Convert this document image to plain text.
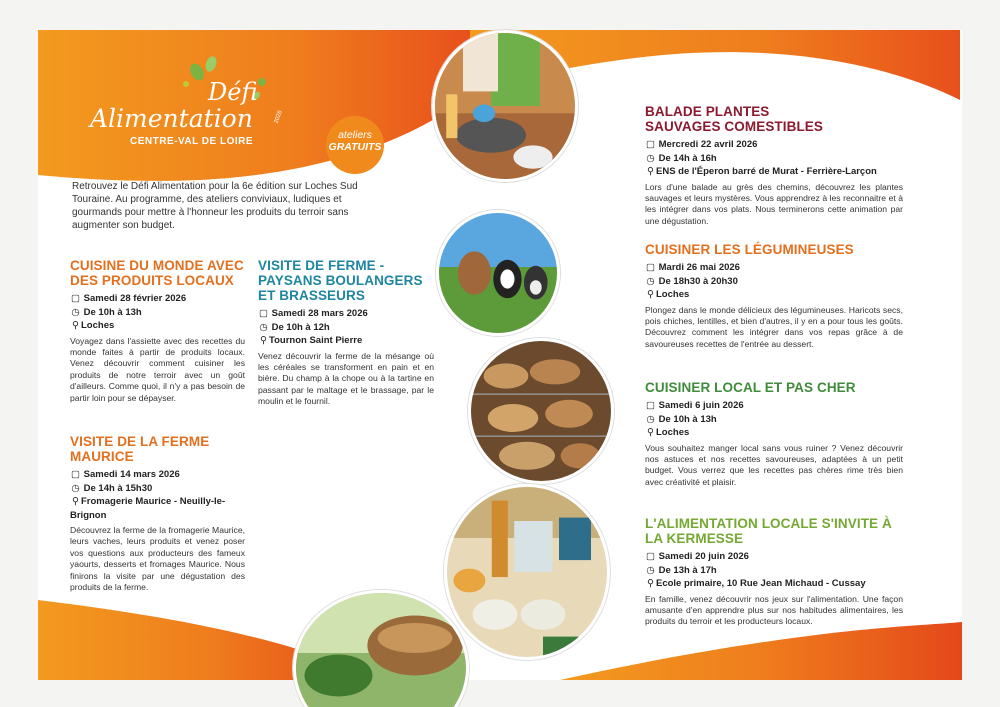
Défi
Alimentation	2026
CENTRE-VAL DE LOIRE
ateliers
GRATUITS
Retrouvez le Défi Alimentation pour la 6e édition sur Loches Sud Touraine. Au programme, des ateliers conviviaux, ludiques et gourmands pour mettre à l'honneur les produits du terroir sans augmenter son budget.
CUISINE DU MONDE AVEC DES PRODUITS LOCAUX
▢ Samedi 28 février 2026
◷ De 10h à 13h
⚲ Loches
Voyagez dans l'assiette avec des recettes du monde faites à partir de produits locaux. Venez découvrir comment cuisiner les produits de notre terroir avec un goût d'ailleurs. Comme quoi, il n'y a pas besoin de partir loin pour se dépayser.
VISITE DE LA FERME MAURICE
▢ Samedi 14 mars 2026
◷ De 14h à 15h30
⚲ Fromagerie Maurice - Neuilly-le-Brignon
Découvrez la ferme de la fromagerie Maurice, leurs vaches, leurs produits et venez poser vos questions aux producteurs des fameux yaourts, desserts et fromages Maurice. Nous finirons la visite par une dégustation des produits de la ferme.
VISITE DE FERME - PAYSANS BOULANGERS ET BRASSEURS
▢ Samedi 28 mars 2026
◷ De 10h à 12h
⚲ Tournon Saint Pierre
Venez découvrir la ferme de la mésange où les céréales se transforment en pain et en bière. Du champ à la chope ou à la tartine en passant par le maltage et le brassage, par le moulin et le fournil.
BALADE PLANTES SAUVAGES COMESTIBLES
▢ Mercredi 22 avril 2026
◷ De 14h à 16h
⚲ ENS de l'Éperon barré de Murat - Ferrière-Larçon
Lors d'une balade au grès des chemins, découvrez les plantes sauvages et leurs mystères. Vous apprendrez à les reconnaitre et à les intégrer dans vos plats. Nous terminerons cette animation par une dégustation.
CUISINER LES LÉGUMINEUSES
▢ Mardi 26 mai 2026
◷ De 18h30 à 20h30
⚲ Loches
Plongez dans le monde délicieux des légumineuses. Haricots secs, pois chiches, lentilles, et bien d'autres, il y en a pour tous les goûts. Découvrez comment les intégrer dans vos repas grâce à de savoureuses recettes de l'entrée au dessert.
CUISINER LOCAL ET PAS CHER
▢ Samedi 6 juin 2026
◷ De 10h à 13h
⚲ Loches
Vous souhaitez manger local sans vous ruiner ? Venez découvrir nos astuces et nos recettes savoureuses, adaptées à un petit budget. Vous verrez que les recettes pas chères rime très bien avec créativité et plaisir.
L'ALIMENTATION LOCALE S'INVITE À LA KERMESSE
▢ Samedi 20 juin 2026
◷ De 13h à 17h
⚲ Ecole primaire, 10 Rue Jean Michaud - Cussay
En famille, venez découvrir nos jeux sur l'alimentation. Une façon amusante d'en apprendre plus sur nos habitudes alimentaires, les produits du terroir et les producteurs locaux.
